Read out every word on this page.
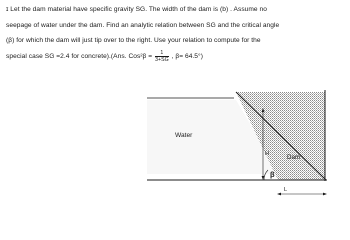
ɪ Let the dam material have specific gravity SG. The width of the dam is (b) . Assume no
seepage of water under the dam. Find an analytic relation between SG and the critical angle
(β) for which the dam will just tip over to the right. Use your relation to compute for the
special case SG =2.4 for concrete).(Ans. $Cos^2\beta = \frac{1}{3+SG}$ , β= 64.5°)
Water
H	Dam
β
L
